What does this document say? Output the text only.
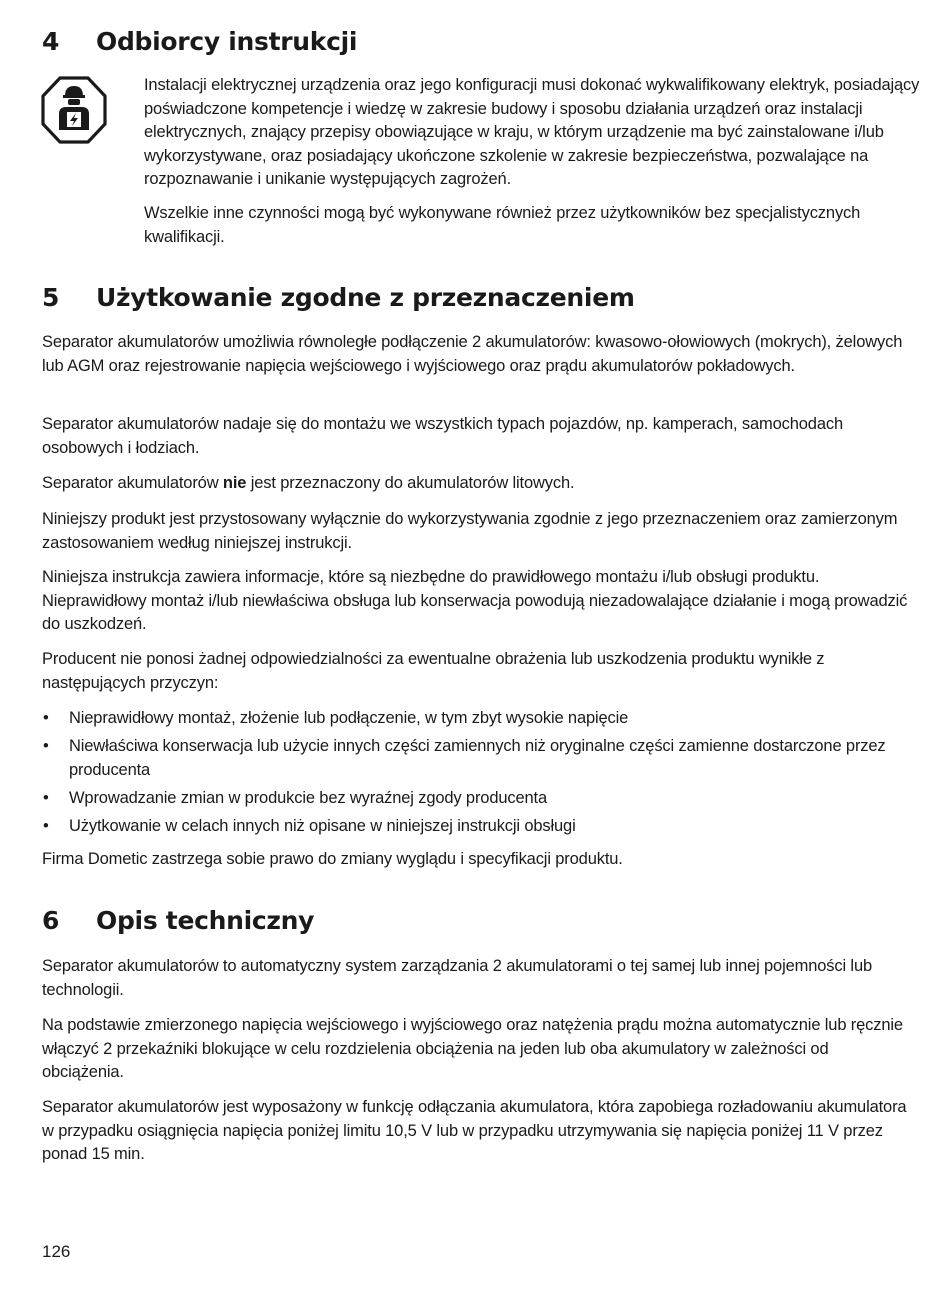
4 Odbiorcy instrukcji

Instalacji elektrycznej urządzenia oraz jego konfiguracji musi dokonać wykwalifikowany elektryk, posiadający poświadczone kompetencje i wiedzę w zakresie budowy i sposobu działania urządzeń oraz instalacji elektrycznych, znający przepisy obowiązujące w kraju, w którym urządzenie ma być zainstalowane i/lub wykorzystywane, oraz posiadający ukończone szkolenie w zakresie bezpieczeństwa, pozwalające na rozpoznawanie i unikanie występujących zagrożeń.

Wszelkie inne czynności mogą być wykonywane również przez użytkowników bez specjalistycznych kwalifikacji.

5 Użytkowanie zgodne z przeznaczeniem

Separator akumulatorów umożliwia równoległe podłączenie 2 akumulatorów: kwasowo-ołowiowych (mokrych), żelowych lub AGM oraz rejestrowanie napięcia wejściowego i wyjściowego oraz prądu akumulatorów pokładowych.

Separator akumulatorów nadaje się do montażu we wszystkich typach pojazdów, np. kamperach, samochodach osobowych i łodziach.

Separator akumulatorów nie jest przeznaczony do akumulatorów litowych.

Niniejszy produkt jest przystosowany wyłącznie do wykorzystywania zgodnie z jego przeznaczeniem oraz zamierzonym zastosowaniem według niniejszej instrukcji.

Niniejsza instrukcja zawiera informacje, które są niezbędne do prawidłowego montażu i/lub obsługi produktu. Nieprawidłowy montaż i/lub niewłaściwa obsługa lub konserwacja powodują niezadowalające działanie i mogą prowadzić do uszkodzeń.

Producent nie ponosi żadnej odpowiedzialności za ewentualne obrażenia lub uszkodzenia produktu wynikłe z następujących przyczyn:

• Nieprawidłowy montaż, złożenie lub podłączenie, w tym zbyt wysokie napięcie
• Niewłaściwa konserwacja lub użycie innych części zamiennych niż oryginalne części zamienne dostarczone przez producenta
• Wprowadzanie zmian w produkcie bez wyraźnej zgody producenta
• Użytkowanie w celach innych niż opisane w niniejszej instrukcji obsługi

Firma Dometic zastrzega sobie prawo do zmiany wyglądu i specyfikacji produktu.

6 Opis techniczny

Separator akumulatorów to automatyczny system zarządzania 2 akumulatorami o tej samej lub innej pojemności lub technologii.

Na podstawie zmierzonego napięcia wejściowego i wyjściowego oraz natężenia prądu można automatycznie lub ręcznie włączyć 2 przekaźniki blokujące w celu rozdzielenia obciążenia na jeden lub oba akumulatory w zależności od obciążenia.

Separator akumulatorów jest wyposażony w funkcję odłączania akumulatora, która zapobiega rozładowaniu akumulatora w przypadku osiągnięcia napięcia poniżej limitu 10,5 V lub w przypadku utrzymywania się napięcia poniżej 11 V przez ponad 15 min.

126
